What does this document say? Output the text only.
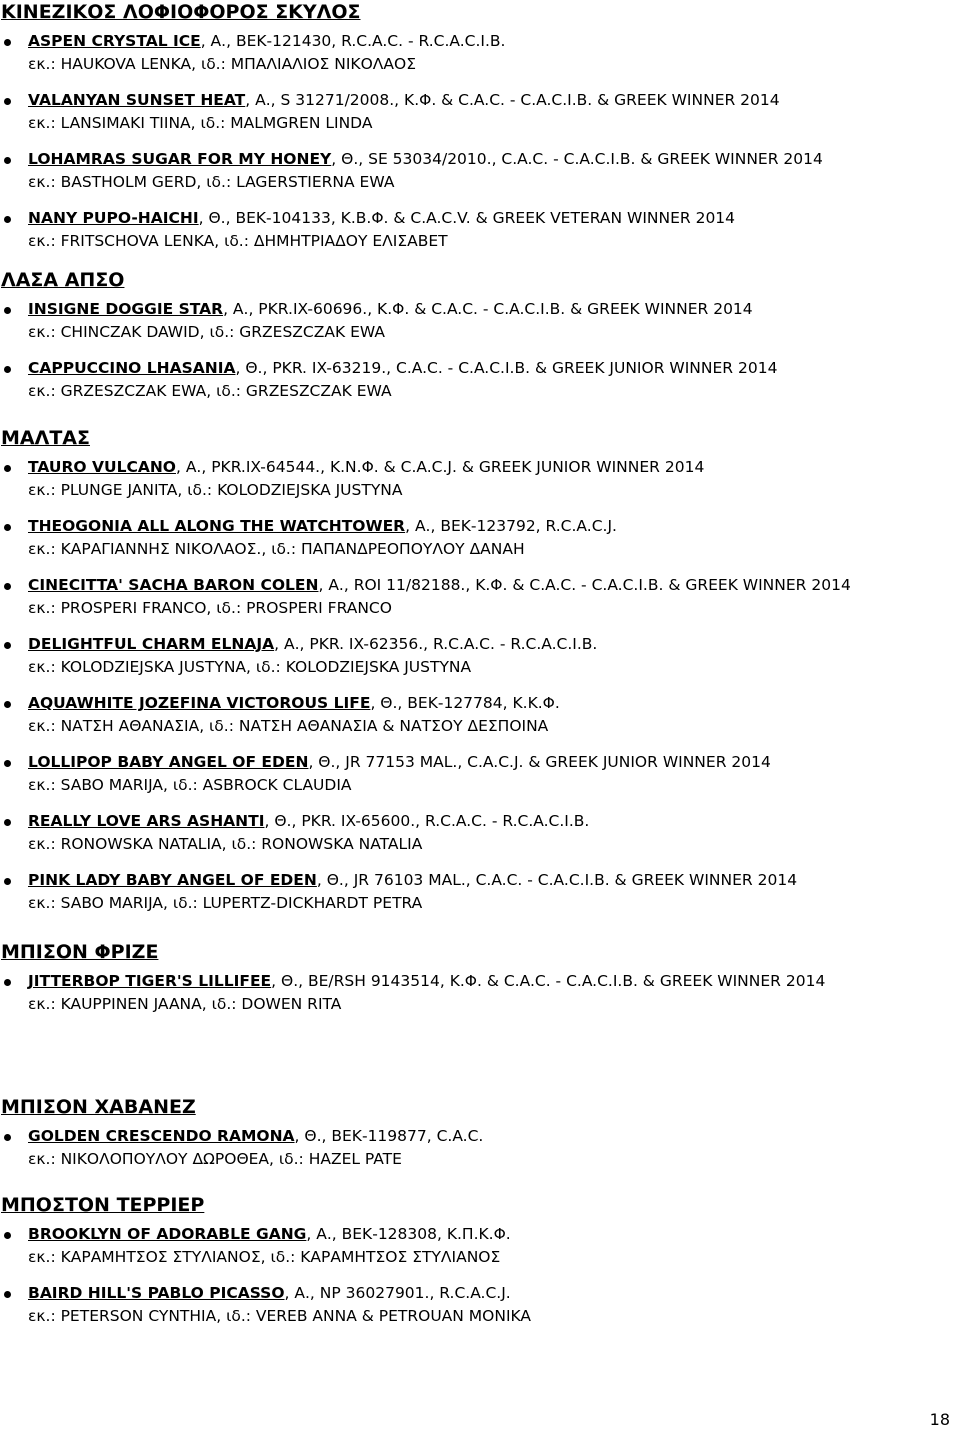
ΚΙΝΕΖΙΚΟΣ ΛΟΦΙΟΦΟΡΟΣ ΣΚΥΛΟΣ
ASPEN CRYSTAL ICE, Α., ΒΕΚ-121430, R.C.A.C. - R.C.A.C.I.B.
εκ.: HAUKOVA LENKA, ιδ.: ΜΠΑΛΙΑΛΙΟΣ ΝΙΚΟΛΑΟΣ
VALANYAN SUNSET HEAT, Α., S 31271/2008., Κ.Φ. & C.A.C. - C.A.C.I.B. & GREEK WINNER 2014
εκ.: LANSIMAKI TIINA, ιδ.: MALMGREN LINDA
LOHAMRAS SUGAR FOR MY HONEY, Θ., SE 53034/2010., C.A.C. - C.A.C.I.B. & GREEK WINNER 2014
εκ.: BASTHOLM GERD, ιδ.: LAGERSTIERNA EWA
NANY PUPO-HAICHI, Θ., ΒΕΚ-104133, Κ.Β.Φ. & C.A.C.V. & GREEK VETERAN WINNER 2014
εκ.: FRITSCHOVA LENKA, ιδ.: ΔΗΜΗΤΡΙΑΔΟΥ ΕΛΙΣΑΒΕΤ
ΛΑΣΑ ΑΠΣΟ
INSIGNE DOGGIE STAR, Α., PKR.IX-60696., Κ.Φ. & C.A.C. - C.A.C.I.B. & GREEK WINNER 2014
εκ.: CHINCZAK DAWID, ιδ.: GRZESZCZAK EWA
CAPPUCCINO LHASANIA, Θ., PKR. IX-63219., C.A.C. - C.A.C.I.B. & GREEK JUNIOR WINNER 2014
εκ.: GRZESZCZAK EWA, ιδ.: GRZESZCZAK EWA
ΜΑΛΤΑΣ
TAURO VULCANO, Α., PKR.IX-64544., Κ.Ν.Φ. & C.A.C.J. & GREEK JUNIOR WINNER 2014
εκ.: PLUNGE JANITA, ιδ.: KOLODZIEJSKA JUSTYNA
THEOGONIA ALL ALONG THE WATCHTOWER, Α., ΒΕΚ-123792, R.C.A.C.J.
εκ.: ΚΑΡΑΓΙΑΝΝΗΣ ΝΙΚΟΛΑΟΣ., ιδ.: ΠΑΠΑΝΔΡΕΟΠΟΥΛΟΥ ΔΑΝΑΗ
CINECITTA' SACHA BARON COLEN, Α., ROI 11/82188., Κ.Φ. & C.A.C. - C.A.C.I.B. & GREEK WINNER 2014
εκ.: PROSPERI FRANCO, ιδ.: PROSPERI FRANCO
DELIGHTFUL CHARM ELNAJA, Α., PKR. IX-62356., R.C.A.C. - R.C.A.C.I.B.
εκ.: KOLODZIEJSKA JUSTYNA, ιδ.: KOLODZIEJSKA JUSTYNA
AQUAWHITE JOZEFINA VICTOROUS LIFE, Θ., ΒΕΚ-127784, Κ.Κ.Φ.
εκ.: ΝΑΤΣΗ ΑΘΑΝΑΣΙΑ, ιδ.: ΝΑΤΣΗ ΑΘΑΝΑΣΙΑ & ΝΑΤΣΟΥ ΔΕΣΠΟΙΝΑ
LOLLIPOP BABY ANGEL OF EDEN, Θ., JR 77153 MAL., C.A.C.J. & GREEK JUNIOR WINNER 2014
εκ.: SABO MARIJA, ιδ.: ASBROCK CLAUDIA
REALLY LOVE ARS ASHANTI, Θ., PKR. IX-65600., R.C.A.C. - R.C.A.C.I.B.
εκ.: RONOWSKA NATALIA, ιδ.: RONOWSKA NATALIA
PINK LADY BABY ANGEL OF EDEN, Θ., JR 76103 MAL., C.A.C. - C.A.C.I.B. & GREEK WINNER 2014
εκ.: SABO MARIJA, ιδ.: LUPERTZ-DICKHARDT PETRA
ΜΠΙΣΟΝ ΦΡΙΖΕ
JITTERBOP TIGER'S LILLIFEE, Θ., BE/RSH 9143514, Κ.Φ. & C.A.C. - C.A.C.I.B. & GREEK WINNER 2014
εκ.: KAUPPINEN JAANA, ιδ.: DOWEN RITA
ΜΠΙΣΟΝ ΧΑΒΑΝΕΖ
GOLDEN CRESCENDO RAMONA, Θ., ΒΕΚ-119877, C.A.C.
εκ.: ΝΙΚΟΛΟΠΟΥΛΟΥ ΔΩΡΟΘΕΑ, ιδ.: HAZEL PATE
ΜΠΟΣΤΟΝ ΤΕΡΡΙΕΡ
BROOKLYN OF ADORABLE GANG, Α., ΒΕΚ-128308, Κ.Π.Κ.Φ.
εκ.: ΚΑΡΑΜΗΤΣΟΣ ΣΤΥΛΙΑΝΟΣ, ιδ.: ΚΑΡΑΜΗΤΣΟΣ ΣΤΥΛΙΑΝΟΣ
BAIRD HILL'S PABLO PICASSO, Α., NP 36027901., R.C.A.C.J.
εκ.: PETERSON CYNTHIA, ιδ.: VEREB ANNA & PETROUAN MONIKA
18
